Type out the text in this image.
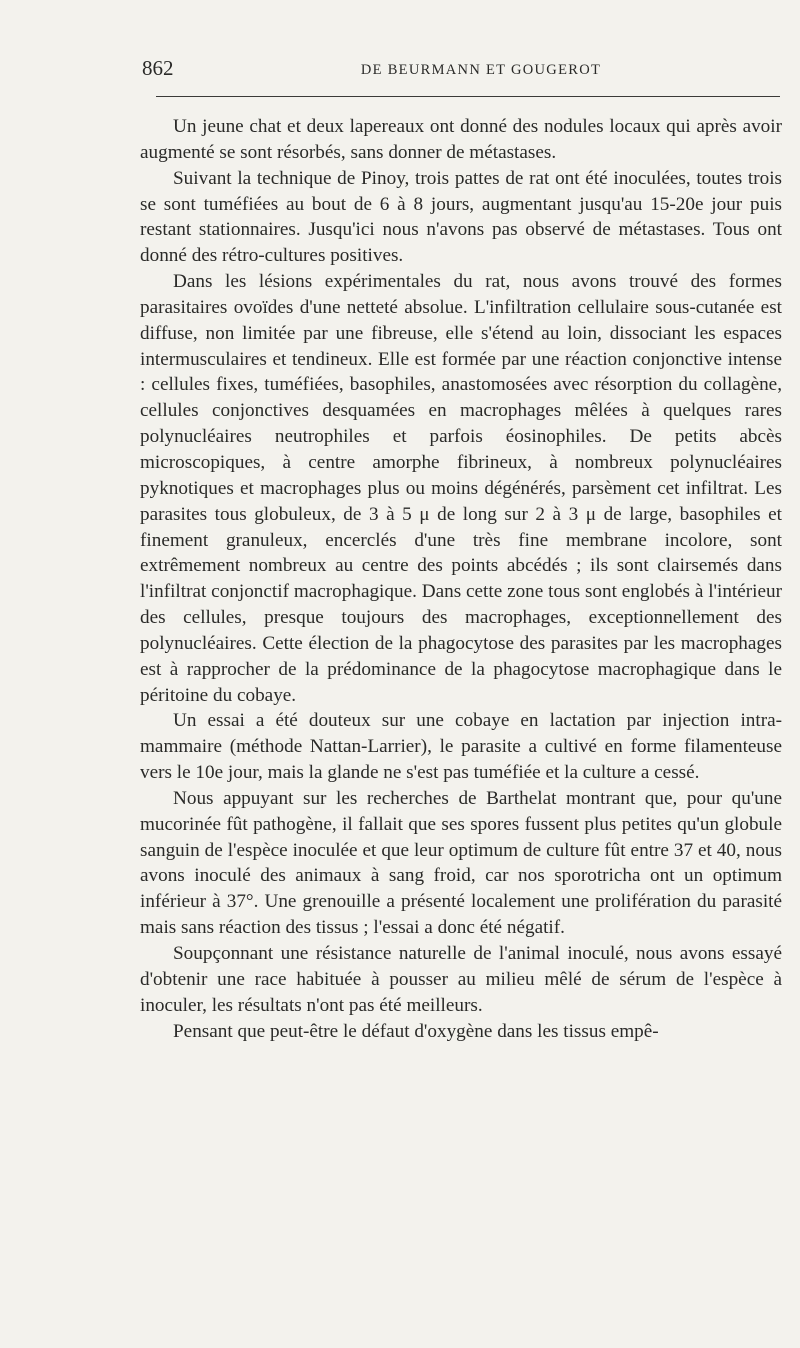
862	DE BEURMANN ET GOUGEROT

Un jeune chat et deux lapereaux ont donné des nodules locaux qui après avoir augmenté se sont résorbés, sans donner de métastases.

Suivant la technique de Pinoy, trois pattes de rat ont été inoculées, toutes trois se sont tuméfiées au bout de 6 à 8 jours, augmentant jusqu'au 15-20e jour puis restant stationnaires. Jusqu'ici nous n'avons pas observé de métastases. Tous ont donné des rétro-cultures positives.

Dans les lésions expérimentales du rat, nous avons trouvé des formes parasitaires ovoïdes d'une netteté absolue. L'infiltration cellulaire sous-cutanée est diffuse, non limitée par une fibreuse, elle s'étend au loin, dissociant les espaces intermusculaires et tendineux. Elle est formée par une réaction conjonctive intense : cellules fixes, tuméfiées, basophiles, anastomosées avec résorption du collagène, cellules conjonctives desquamées en macrophages mêlées à quelques rares polynucléaires neutrophiles et parfois éosinophiles. De petits abcès microscopiques, à centre amorphe fibrineux, à nombreux polynucléaires pyknotiques et macrophages plus ou moins dégénérés, parsèment cet infiltrat. Les parasites tous globuleux, de 3 à 5 μ de long sur 2 à 3 μ de large, basophiles et finement granuleux, encerclés d'une très fine membrane incolore, sont extrêmement nombreux au centre des points abcédés ; ils sont clairsemés dans l'infiltrat conjonctif macrophagique. Dans cette zone tous sont englobés à l'intérieur des cellules, presque toujours des macrophages, exceptionnellement des polynucléaires. Cette élection de la phagocytose des parasites par les macrophages est à rapprocher de la prédominance de la phagocytose macrophagique dans le péritoine du cobaye.

Un essai a été douteux sur une cobaye en lactation par injection intra-mammaire (méthode Nattan-Larrier), le parasite a cultivé en forme filamenteuse vers le 10e jour, mais la glande ne s'est pas tuméfiée et la culture a cessé.

Nous appuyant sur les recherches de Barthelat montrant que, pour qu'une mucorinée fût pathogène, il fallait que ses spores fussent plus petites qu'un globule sanguin de l'espèce inoculée et que leur optimum de culture fût entre 37 et 40, nous avons inoculé des animaux à sang froid, car nos sporotricha ont un optimum inférieur à 37°. Une grenouille a présenté localement une prolifération du parasité mais sans réaction des tissus ; l'essai a donc été négatif.

Soupçonnant une résistance naturelle de l'animal inoculé, nous avons essayé d'obtenir une race habituée à pousser au milieu mêlé de sérum de l'espèce à inoculer, les résultats n'ont pas été meilleurs.

Pensant que peut-être le défaut d'oxygène dans les tissus empê-
